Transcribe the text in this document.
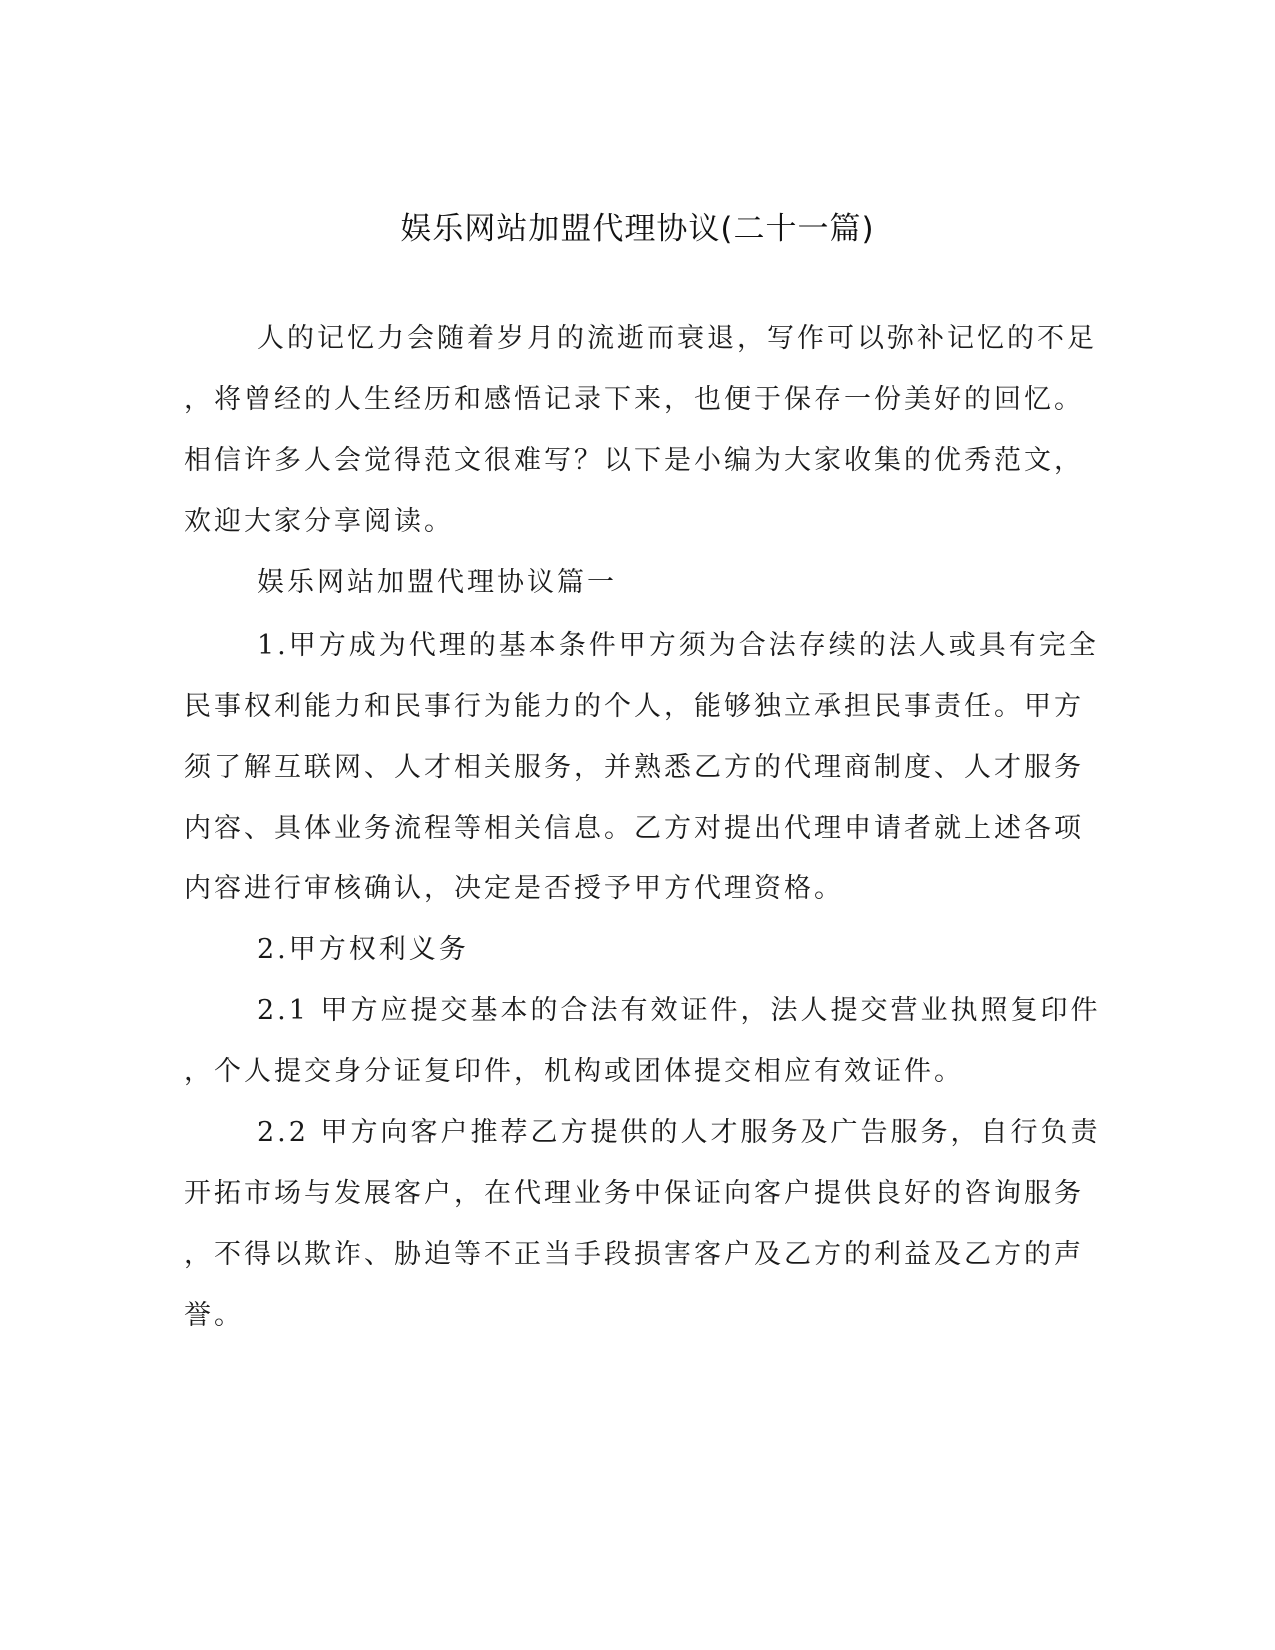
娱乐网站加盟代理协议(二十一篇)
人的记忆力会随着岁月的流逝而衰退，写作可以弥补记忆的不足
，将曾经的人生经历和感悟记录下来，也便于保存一份美好的回忆。
相信许多人会觉得范文很难写？以下是小编为大家收集的优秀范文，
欢迎大家分享阅读。
娱乐网站加盟代理协议篇一
1.甲方成为代理的基本条件甲方须为合法存续的法人或具有完全
民事权利能力和民事行为能力的个人，能够独立承担民事责任。甲方
须了解互联网、人才相关服务，并熟悉乙方的代理商制度、人才服务
内容、具体业务流程等相关信息。乙方对提出代理申请者就上述各项
内容进行审核确认，决定是否授予甲方代理资格。
2.甲方权利义务
2.1 甲方应提交基本的合法有效证件，法人提交营业执照复印件
，个人提交身分证复印件，机构或团体提交相应有效证件。
2.2 甲方向客户推荐乙方提供的人才服务及广告服务，自行负责
开拓市场与发展客户，在代理业务中保证向客户提供良好的咨询服务
，不得以欺诈、胁迫等不正当手段损害客户及乙方的利益及乙方的声
誉。
